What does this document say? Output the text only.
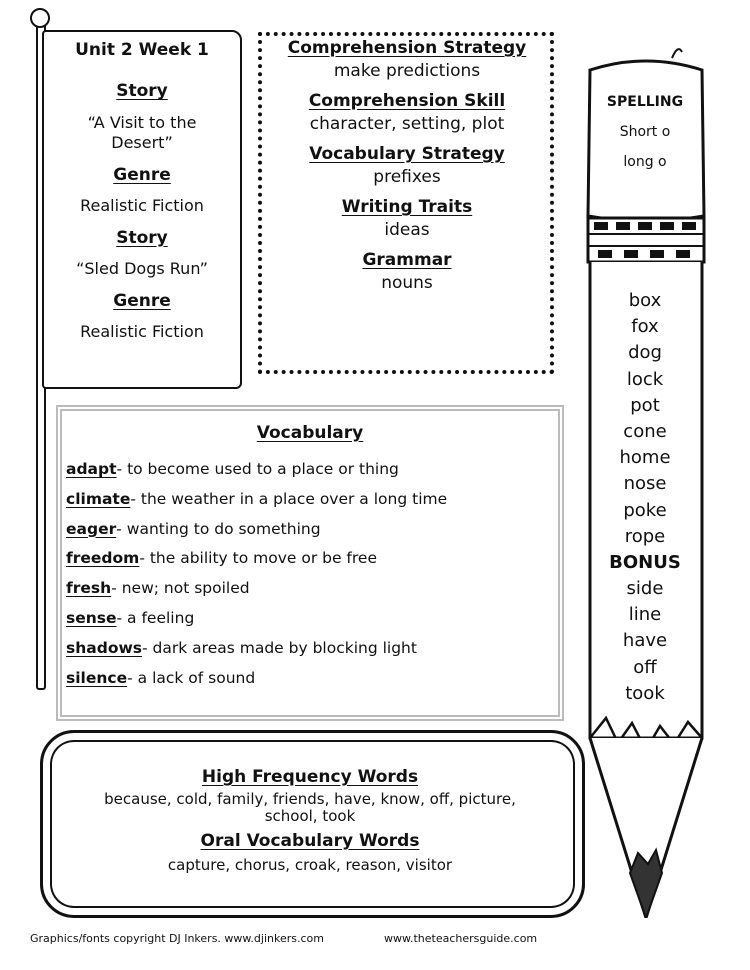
Unit 2 Week 1
Story
“A Visit to the Desert”
Genre
Realistic Fiction
Story
“Sled Dogs Run”
Genre
Realistic Fiction
Comprehension Strategy
make predictions
Comprehension Skill
character, setting, plot
Vocabulary Strategy
prefixes
Writing Traits
ideas
Grammar
nouns
Vocabulary
adapt- to become used to a place or thing
climate- the weather in a place over a long time
eager- wanting to do something
freedom- the ability to move or be free
fresh- new; not spoiled
sense- a feeling
shadows- dark areas made by blocking light
silence- a lack of sound
High Frequency Words
because, cold, family, friends, have, know, off, picture, school, took
Oral Vocabulary Words
capture, chorus, croak, reason, visitor
SPELLING
Short o
long o
box
fox
dog
lock
pot
cone
home
nose
poke
rope
BONUS
side
line
have
off
took
Graphics/fonts copyright DJ Inkers. www.djinkers.com	www.theteachersguide.com
